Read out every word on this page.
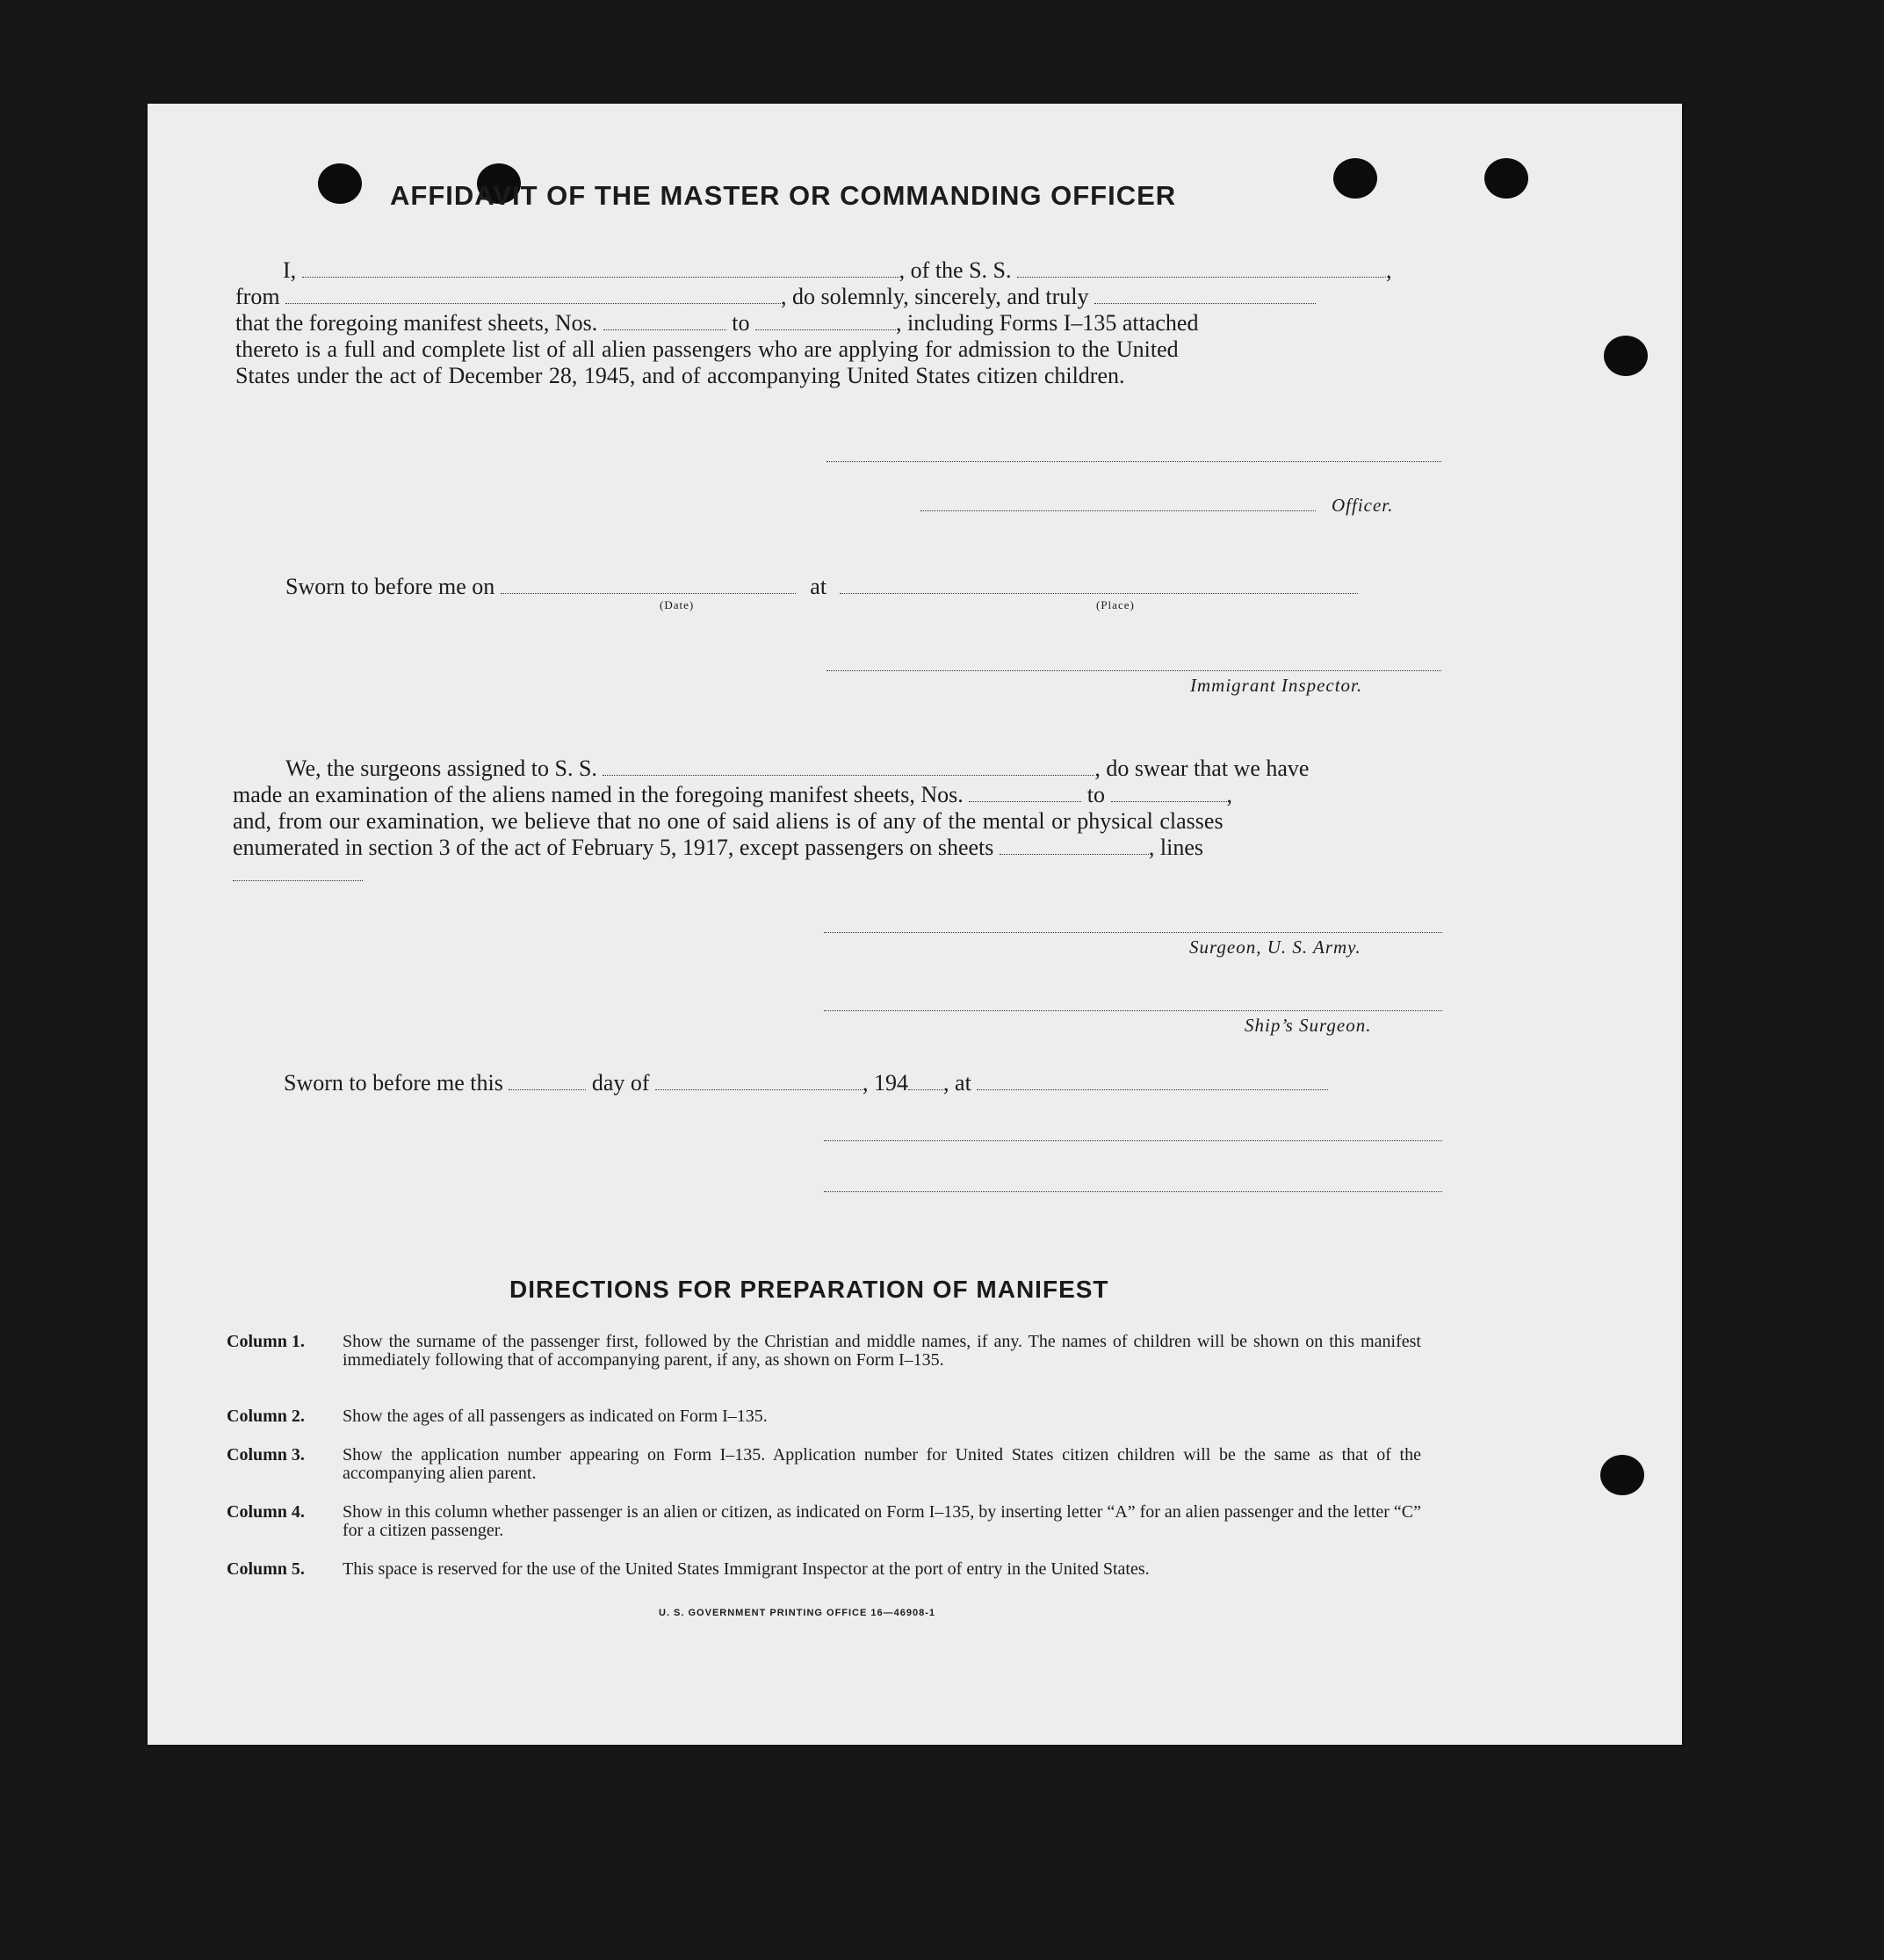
AFFIDAVIT OF THE MASTER OR COMMANDING OFFICER
I,	, of the S. S.	,
from	, do solemnly, sincerely, and truly
that the foregoing manifest sheets, Nos.	to	, including Forms I–135 attached
thereto is a full and complete list of all alien passengers who are applying for admission to the United
States under the act of December 28, 1945, and of accompanying United States citizen children.
Officer.
Sworn to before me on	at
(Date)	(Place)
Immigrant Inspector.
We, the surgeons assigned to S. S.	, do swear that we have
made an examination of the aliens named in the foregoing manifest sheets, Nos.	to	,
and, from our examination, we believe that no one of said aliens is of any of the mental or physical classes
enumerated in section 3 of the act of February 5, 1917, except passengers on sheets	, lines
Surgeon, U. S. Army.
Ship’s Surgeon.
Sworn to before me this	day of	, 194 , at
DIRECTIONS FOR PREPARATION OF MANIFEST
Column 1. Show the surname of the passenger first, followed by the Christian and middle names, if any. The names of children will be shown on this manifest immediately following that of accompanying parent, if any, as shown on Form I–135.
Column 2. Show the ages of all passengers as indicated on Form I–135.
Column 3. Show the application number appearing on Form I–135. Application number for United States citizen children will be the same as that of the accompanying alien parent.
Column 4. Show in this column whether passenger is an alien or citizen, as indicated on Form I–135, by inserting letter “A” for an alien passenger and the letter “C” for a citizen passenger.
Column 5. This space is reserved for the use of the United States Immigrant Inspector at the port of entry in the United States.
U. S. GOVERNMENT PRINTING OFFICE 16—46908-1
